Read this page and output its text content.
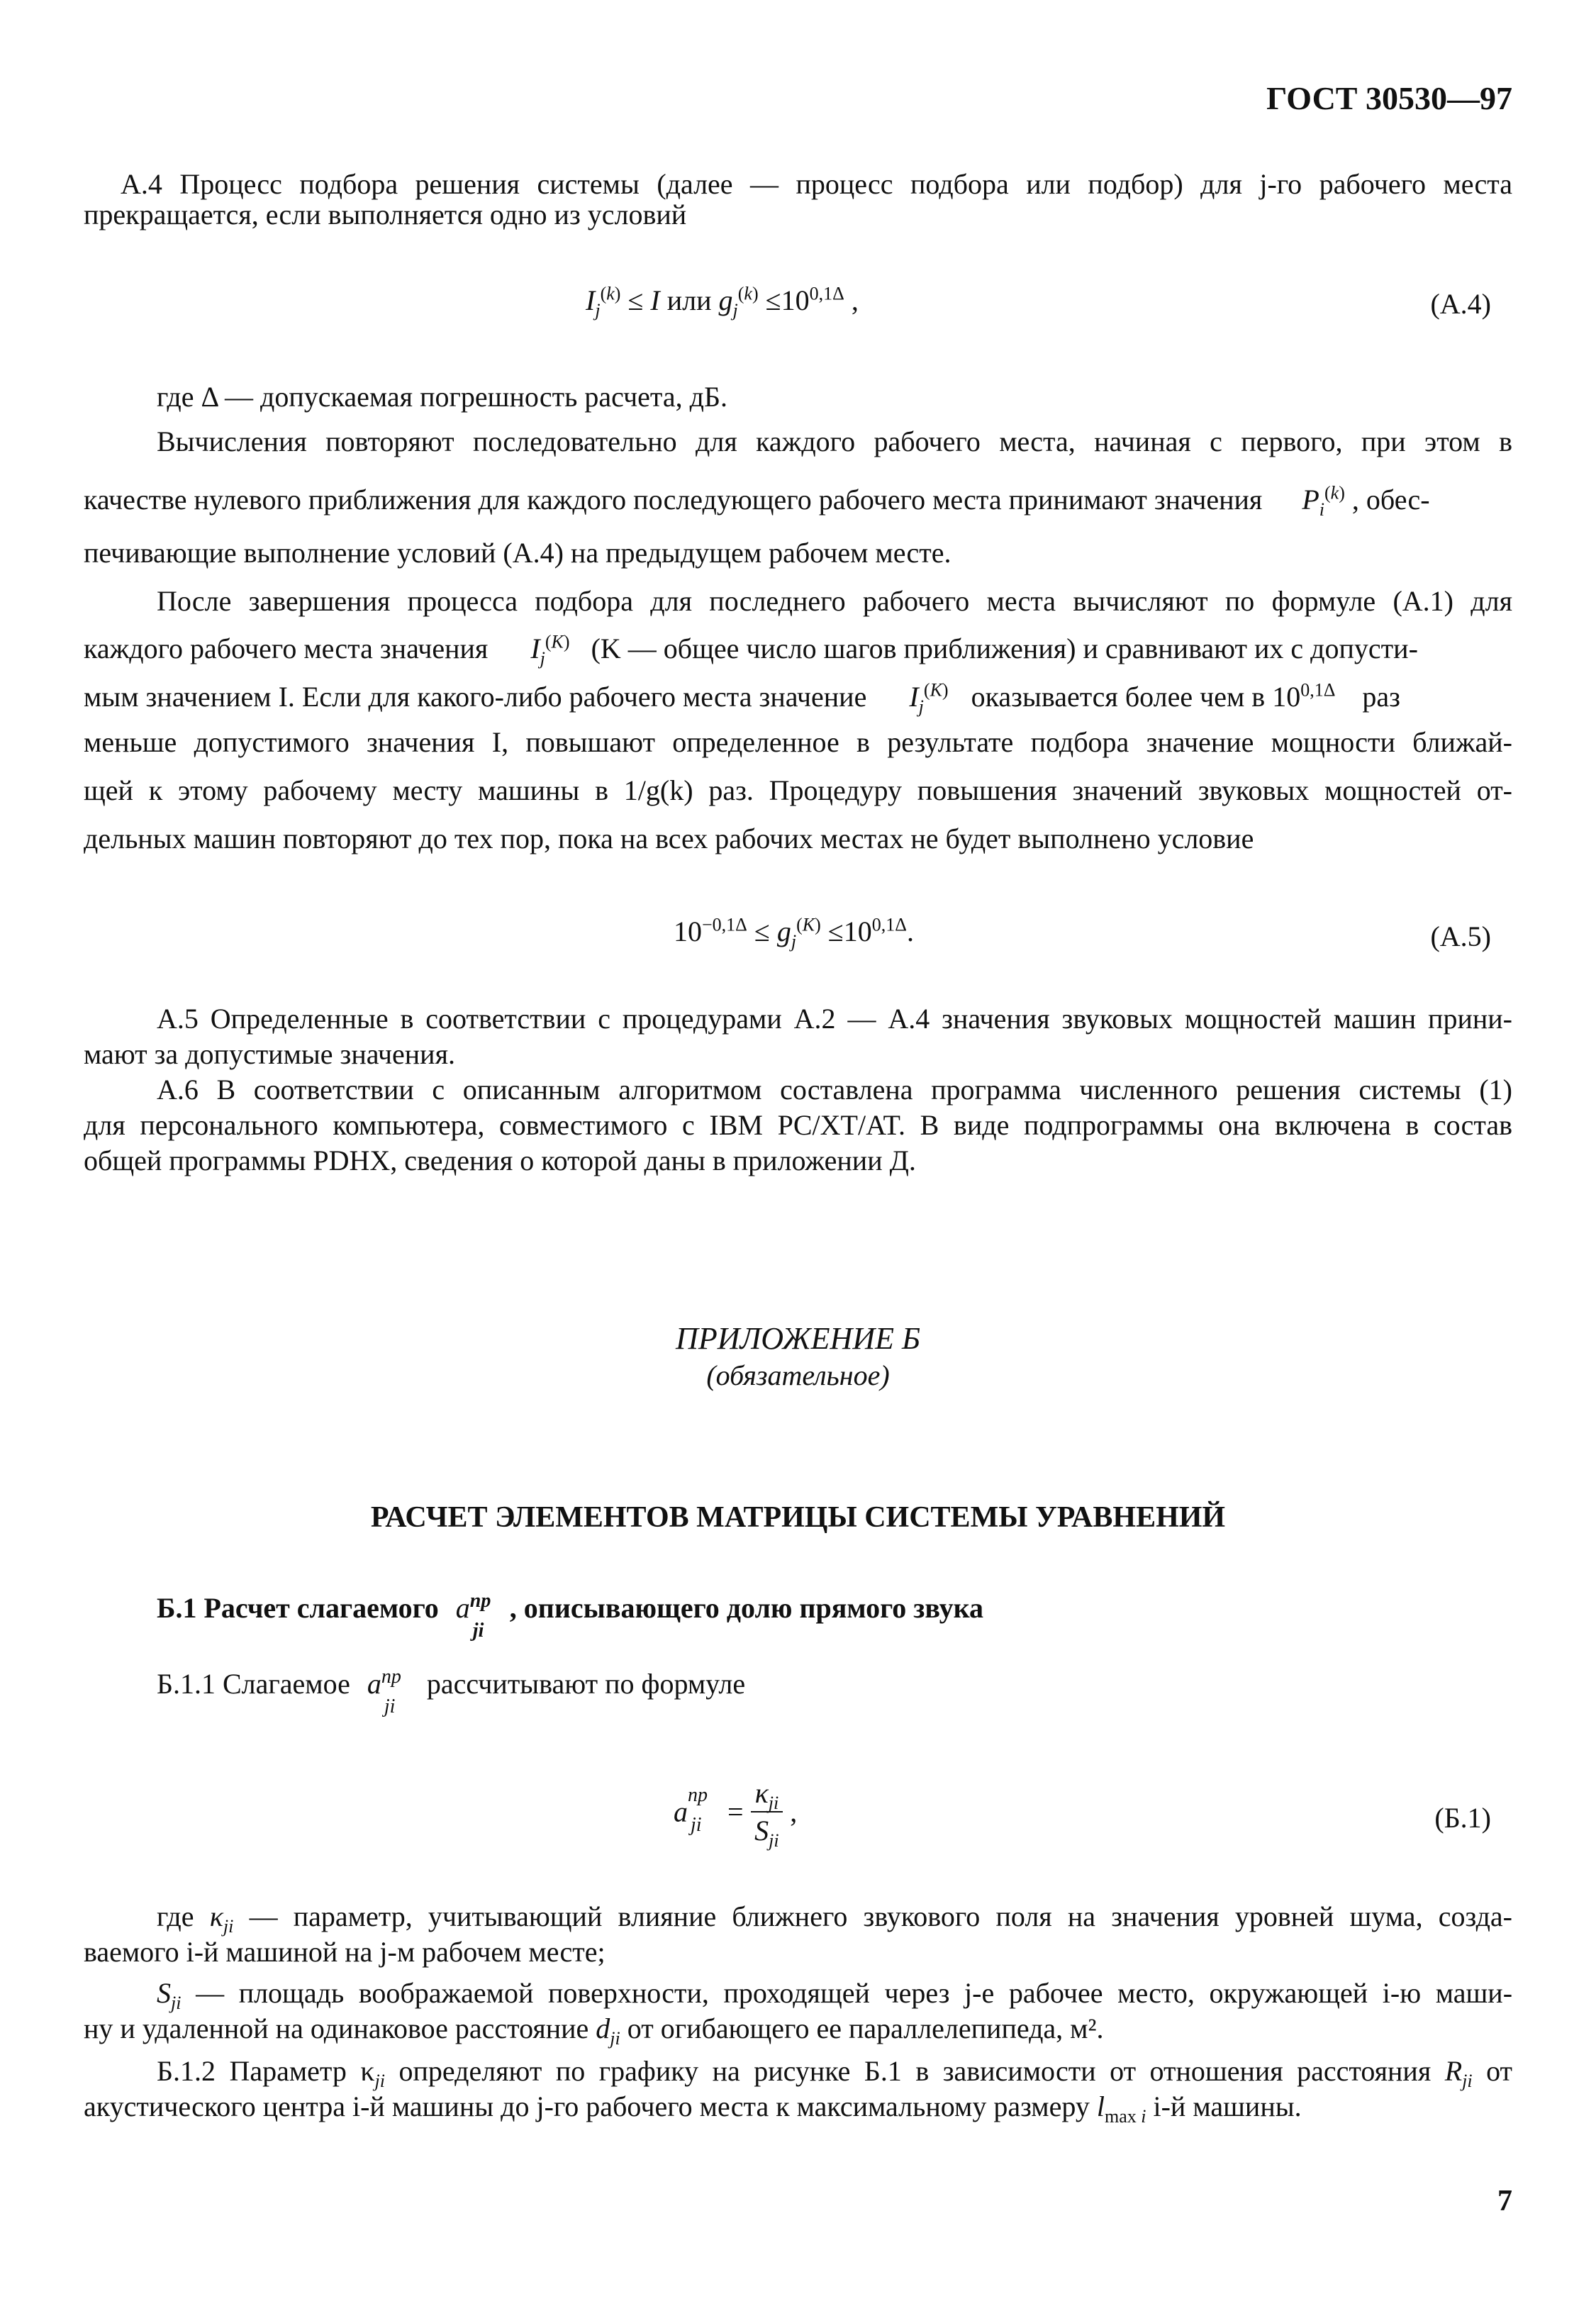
ГОСТ 30530—97
А.4 Процесс подбора решения системы (далее — процесс подбора или подбор) для j-го рабочего места
прекращается, если выполняется одно из условий
$I_j^{(k)} \le I$ или $g_j^{(k)} \le 10^{0,1\Delta}$ ,	(А.4)
где Δ — допускаемая погрешность расчета, дБ.
Вычисления повторяют последовательно для каждого рабочего места, начиная с первого, при этом в
качестве нулевого приближения для каждого последующего рабочего места принимают значения $P_i^{(k)}$ , обес-
печивающие выполнение условий (А.4) на предыдущем рабочем месте.
После завершения процесса подбора для последнего рабочего места вычисляют по формуле (А.1) для
каждого рабочего места значения $I_j^{(K)}$ (K — общее число шагов приближения) и сравнивают их с допусти-
мым значением I. Если для какого-либо рабочего места значение $I_j^{(K)}$ оказывается более чем в $10^{0,1\Delta}$ раз
меньше допустимого значения I, повышают определенное в результате подбора значение мощности ближай-
щей к этому рабочему месту машины в 1/g(k) раз. Процедуру повышения значений звуковых мощностей от-
дельных машин повторяют до тех пор, пока на всех рабочих местах не будет выполнено условие
$10^{-0,1\Delta} \le g_j^{(K)} \le 10^{0,1\Delta}$.	(А.5)
А.5 Определенные в соответствии с процедурами А.2 — А.4 значения звуковых мощностей машин прини-
мают за допустимые значения.
А.6 В соответствии с описанным алгоритмом составлена программа численного решения системы (1)
для персонального компьютера, совместимого с IBM PC/XT/AT. В виде подпрограммы она включена в состав
общей программы PDHX, сведения о которой даны в приложении Д.
ПРИЛОЖЕНИЕ Б
(обязательное)
РАСЧЕТ ЭЛЕМЕНТОВ МАТРИЦЫ СИСТЕМЫ УРАВНЕНИЙ
Б.1 Расчет слагаемого a пр
ji
, описывающего долю прямого звука
Б.1.1 Слагаемое a пр
ji
рассчитывают по формуле
a
пр
ji = $\frac{\kappa_{ji}}{S_{ji}}$ ,	(Б.1)
где $\kappa_{ji}$ — параметр, учитывающий влияние ближнего звукового поля на значения уровней шума, созда-
ваемого i-й машиной на j-м рабочем месте;
$S_{ji}$ — площадь воображаемой поверхности, проходящей через j-е рабочее место, окружающей i-ю маши-
ну и удаленной на одинаковое расстояние $d_{ji}$ от огибающего ее параллелепипеда, м².
Б.1.2 Параметр $\kappa_{ji}$ определяют по графику на рисунке Б.1 в зависимости от отношения расстояния $R_{ji}$ от
акустического центра i-й машины до j-го рабочего места к максимальному размеру $l_{max i}$ i-й машины.
7
